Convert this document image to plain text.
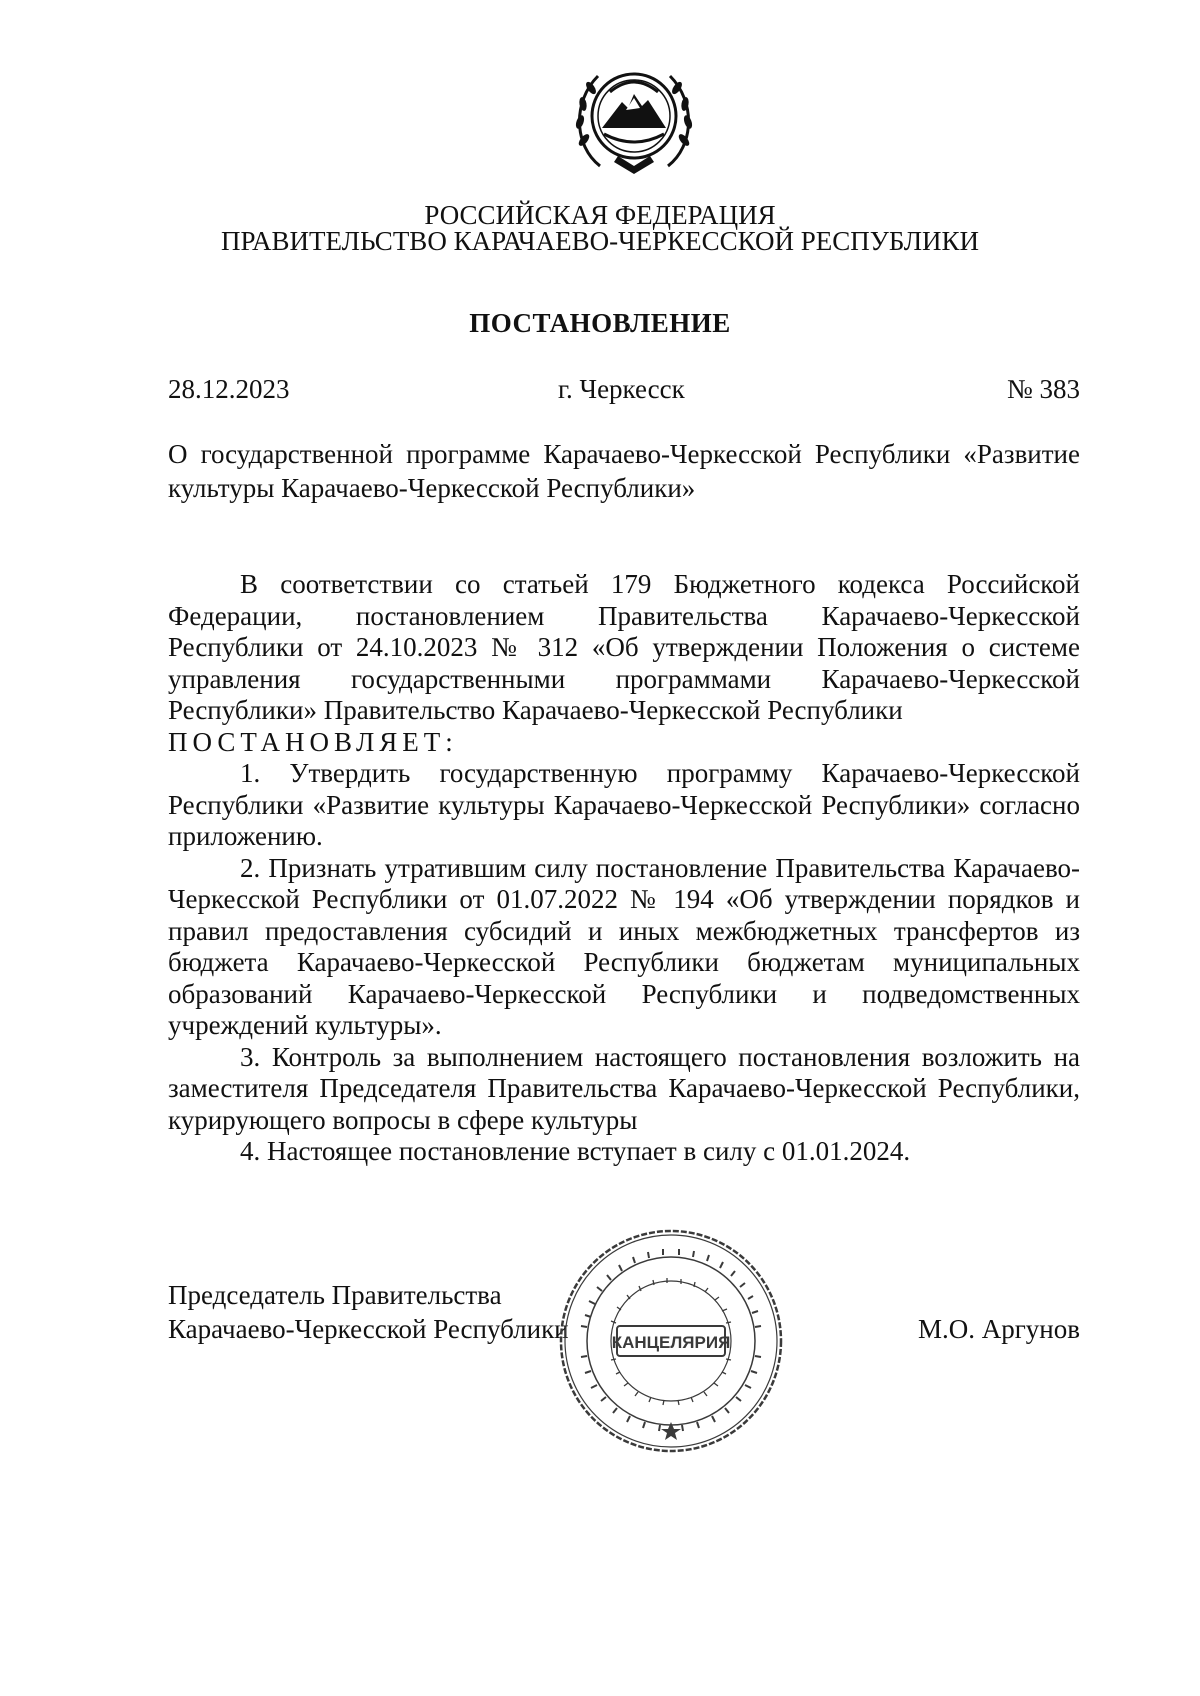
РОССИЙСКАЯ ФЕДЕРАЦИЯ
ПРАВИТЕЛЬСТВО КАРАЧАЕВО-ЧЕРКЕССКОЙ РЕСПУБЛИКИ
ПОСТАНОВЛЕНИЕ
28.12.2023	г. Черкесск	№ 383
О государственной программе Карачаево-Черкесской Республики «Развитие культуры Карачаево-Черкесской Республики»

В соответствии со статьей 179 Бюджетного кодекса Российской Федерации, постановлением Правительства Карачаево-Черкесской Республики от 24.10.2023 № 312 «Об утверждении Положения о системе управления государственными программами Карачаево-Черкесской Республики» Правительство Карачаево-Черкесской Республики

ПОСТАНОВЛЯЕТ:

1. Утвердить государственную программу Карачаево-Черкесской Республики «Развитие культуры Карачаево-Черкесской Республики» согласно приложению.

2. Признать утратившим силу постановление Правительства Карачаево-Черкесской Республики от 01.07.2022 № 194 «Об утверждении порядков и правил предоставления субсидий и иных межбюджетных трансфертов из бюджета Карачаево-Черкесской Республики бюджетам муниципальных образований Карачаево-Черкесской Республики и подведомственных учреждений культуры».

3. Контроль за выполнением настоящего постановления возложить на заместителя Председателя Правительства Карачаево-Черкесской Республики, курирующего вопросы в сфере культуры

4. Настоящее постановление вступает в силу с 01.01.2024.

Председатель Правительства
Карачаево-Черкесской Республики	М.О. Аргунов
КАНЦЕЛЯРИЯ
